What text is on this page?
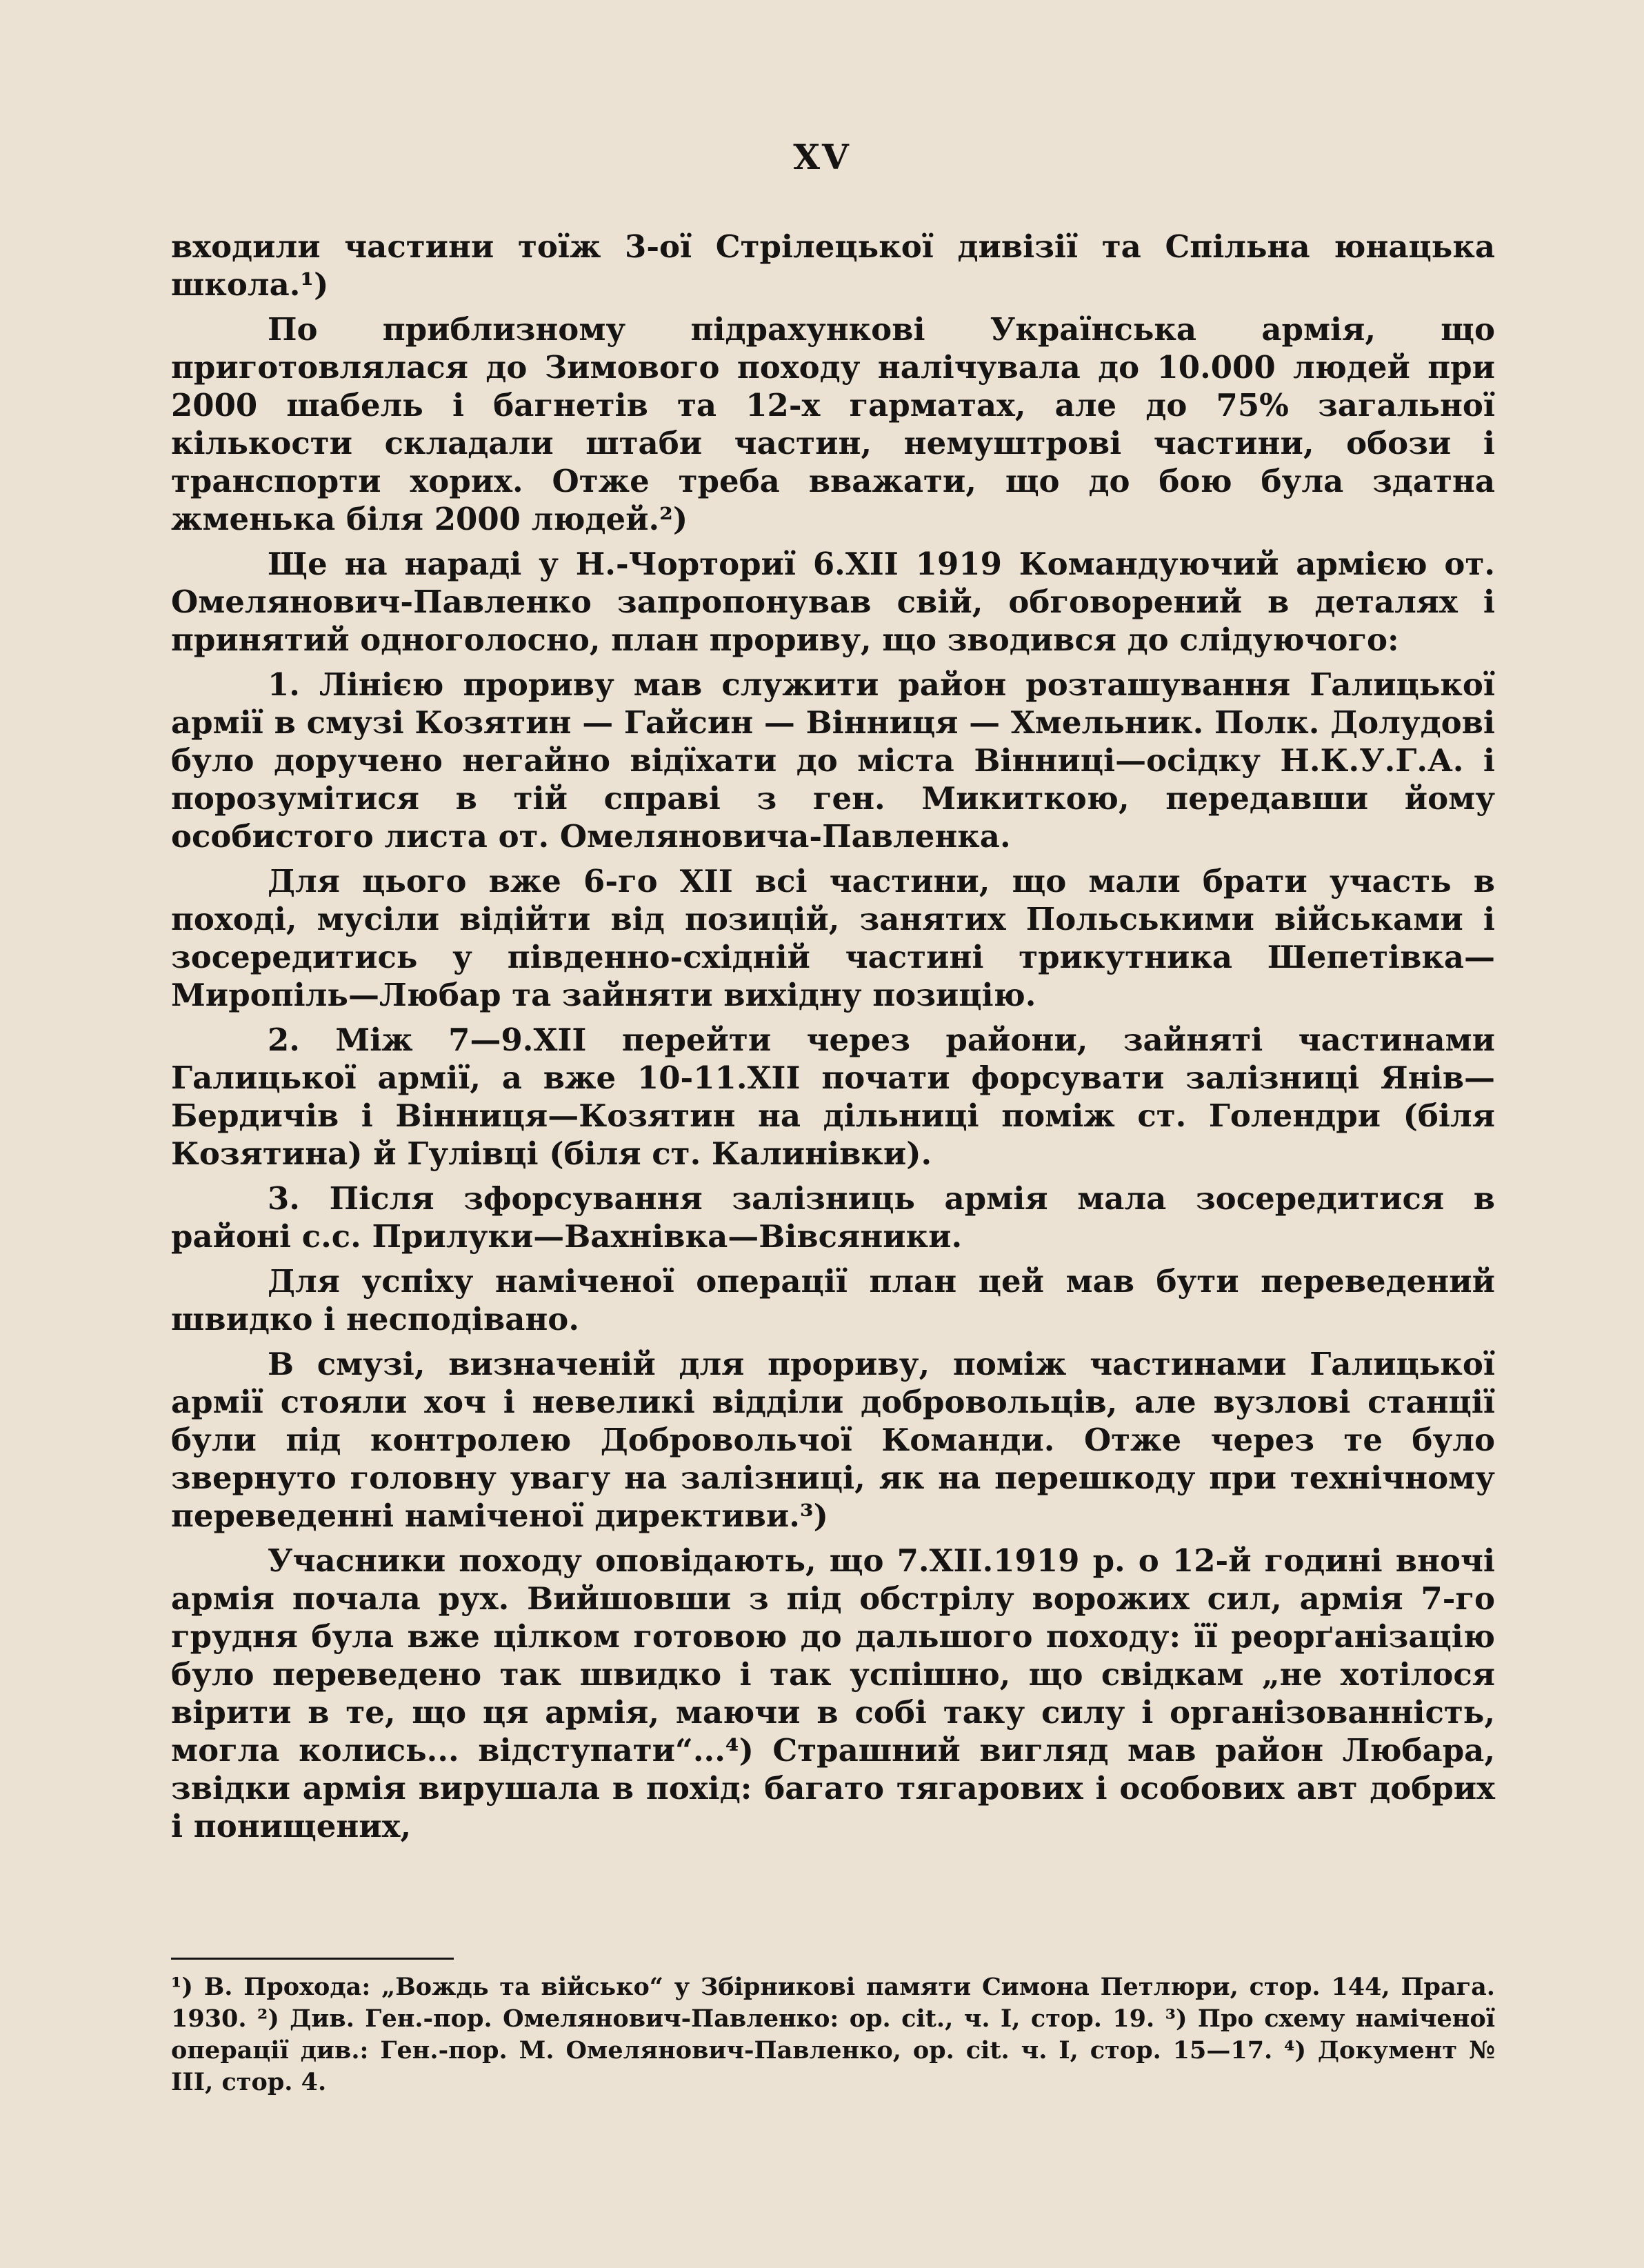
XV

входили частини тоїж 3-ої Стрілецької дивізії та Спільна юнацька школа.¹)

По приблизному підрахункові Українська армія, що приготовлялася до Зимового походу налічувала до 10.000 людей при 2000 шабель і багнетів та 12-х гарматах, але до 75% загальної кількости складали штаби частин, немуштрові частини, обози і транспорти хорих. Отже треба вважати, що до бою була здатна жменька біля 2000 людей.²)

Ще на нараді у Н.-Чорториї 6.XII 1919 Командуючий армією от. Омелянович-Павленко запропонував свій, обговорений в деталях і принятий одноголосно, план прориву, що зводився до слідуючого:

1. Лінією прориву мав служити район розташування Галицької армії в смузі Козятин — Гайсин — Вінниця — Хмельник. Полк. Долудові було доручено негайно відїхати до міста Вінниці—осідку Н.К.У.Г.А. і порозумітися в тій справі з ген. Микиткою, передавши йому особистого листа от. Омеляновича-Павленка.

Для цього вже 6-го XII всі частини, що мали брати участь в поході, мусіли відійти від позицій, занятих Польськими військами і зосередитись у південно-східній частині трикутника Шепетівка—Мирoпіль—Любар та зайняти вихідну позицію.

2. Між 7—9.XII перейти через райони, зайняті частинами Галицької армії, а вже 10-11.XII почати форсувати залізниці Янів—Бердичів і Вінниця—Козятин на дільниці поміж ст. Голендри (біля Козятина) й Гулівці (біля ст. Калинівки).

3. Після зфорсування залізниць армія мала зосередитися в районі с.с. Прилуки—Вахнівка—Вівсяники.

Для успіху наміченої операції план цей мав бути переведений швидко і несподівано.

В смузі, визначеній для прориву, поміж частинами Галицької армії стояли хоч і невеликі відділи добровольців, але вузлові станції були під контролею Добровольчої Команди. Отже через те було звернуто головну увагу на залізниці, як на перешкоду при технічному переведенні наміченої директиви.³)

Учасники походу оповідають, що 7.XII.1919 р. о 12-й годині вночі армія почала рух. Вийшовши з під обстрілу ворожих сил, армія 7-го грудня була вже цілком готовою до дальшого походу: її реорґанізацію було переведено так швидко і так успішно, що свідкам „не хотілося вірити в те, що ця армія, маючи в собі таку силу і організованність, могла колись... відступати“...⁴) Страшний вигляд мав район Любара, звідки армія вирушала в похід: багато тягарових і особових авт добрих і понищених,

¹) В. Прохода: „Вождь та військо“ у Збірникові памяти Симона Петлюри, стор. 144, Прага. 1930. ²) Див. Ген.-пор. Омелянович-Павленко: op. cit., ч. I, стор. 19. ³) Про схему наміченої операції див.: Ген.-пор. М. Омелянович-Павленко, op. cit. ч. I, стор. 15—17. ⁴) Документ № III, стор. 4.
